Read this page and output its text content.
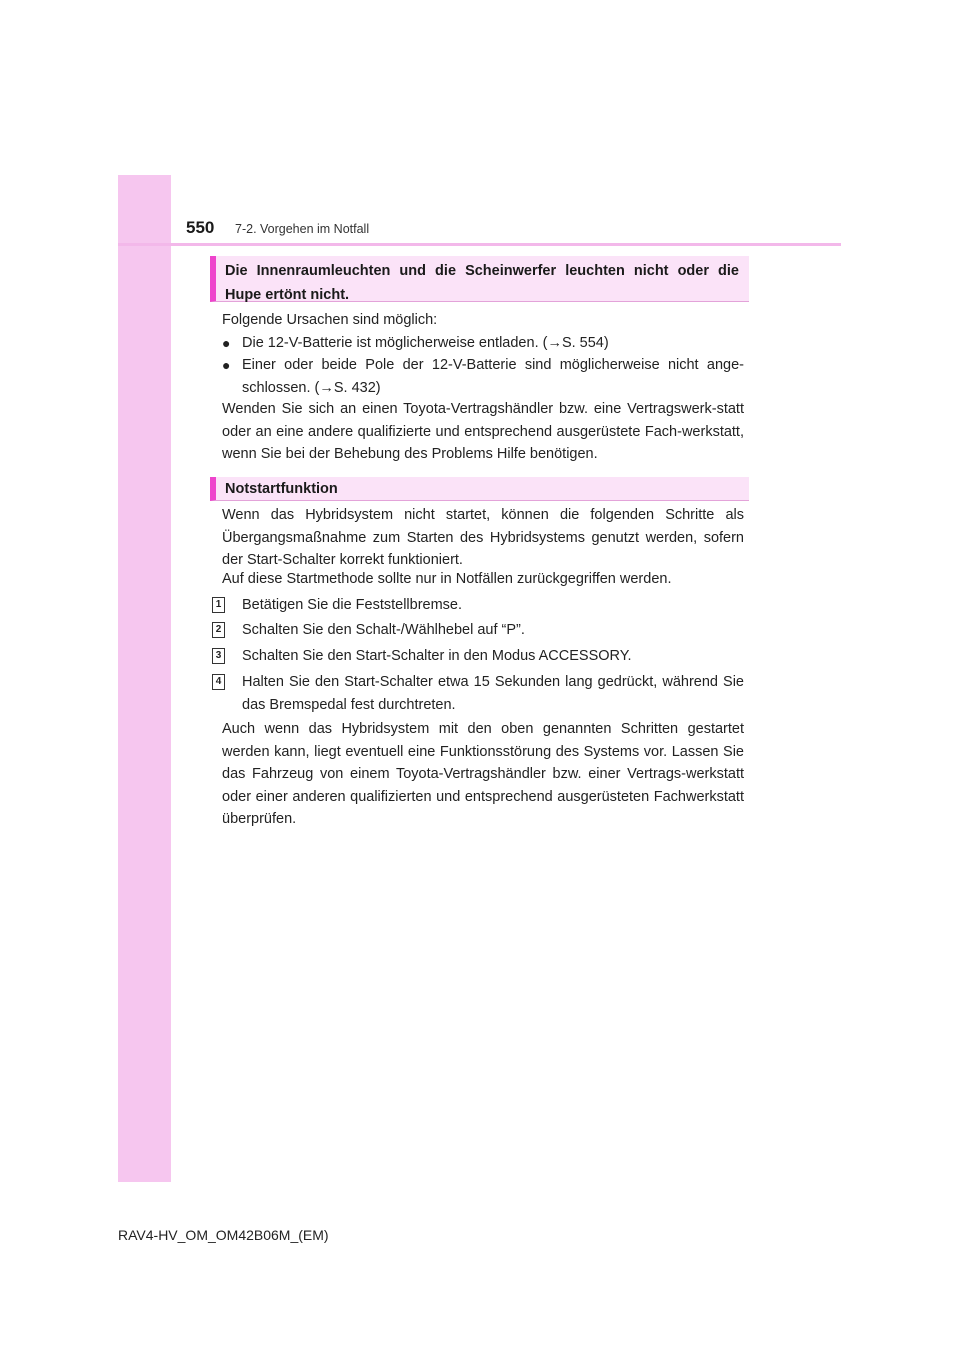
550 7-2. Vorgehen im Notfall
Die Innenraumleuchten und die Scheinwerfer leuchten nicht oder die Hupe ertönt nicht.
Folgende Ursachen sind möglich:
● Die 12-V-Batterie ist möglicherweise entladen. (→S. 554)
● Einer oder beide Pole der 12-V-Batterie sind möglicherweise nicht ange-schlossen. (→S. 432)
Wenden Sie sich an einen Toyota-Vertragshändler bzw. eine Vertragswerk-statt oder an eine andere qualifizierte und entsprechend ausgerüstete Fach-werkstatt, wenn Sie bei der Behebung des Problems Hilfe benötigen.
Notstartfunktion
Wenn das Hybridsystem nicht startet, können die folgenden Schritte als Übergangsmaßnahme zum Starten des Hybridsystems genutzt werden, sofern der Start-Schalter korrekt funktioniert.
Auf diese Startmethode sollte nur in Notfällen zurückgegriffen werden.
1 Betätigen Sie die Feststellbremse.
2 Schalten Sie den Schalt-/Wählhebel auf “P”.
3 Schalten Sie den Start-Schalter in den Modus ACCESSORY.
4 Halten Sie den Start-Schalter etwa 15 Sekunden lang gedrückt, während Sie das Bremspedal fest durchtreten.
Auch wenn das Hybridsystem mit den oben genannten Schritten gestartet werden kann, liegt eventuell eine Funktionsstörung des Systems vor. Lassen Sie das Fahrzeug von einem Toyota-Vertragshändler bzw. einer Vertrags-werkstatt oder einer anderen qualifizierten und entsprechend ausgerüsteten Fachwerkstatt überprüfen.
RAV4-HV_OM_OM42B06M_(EM)
